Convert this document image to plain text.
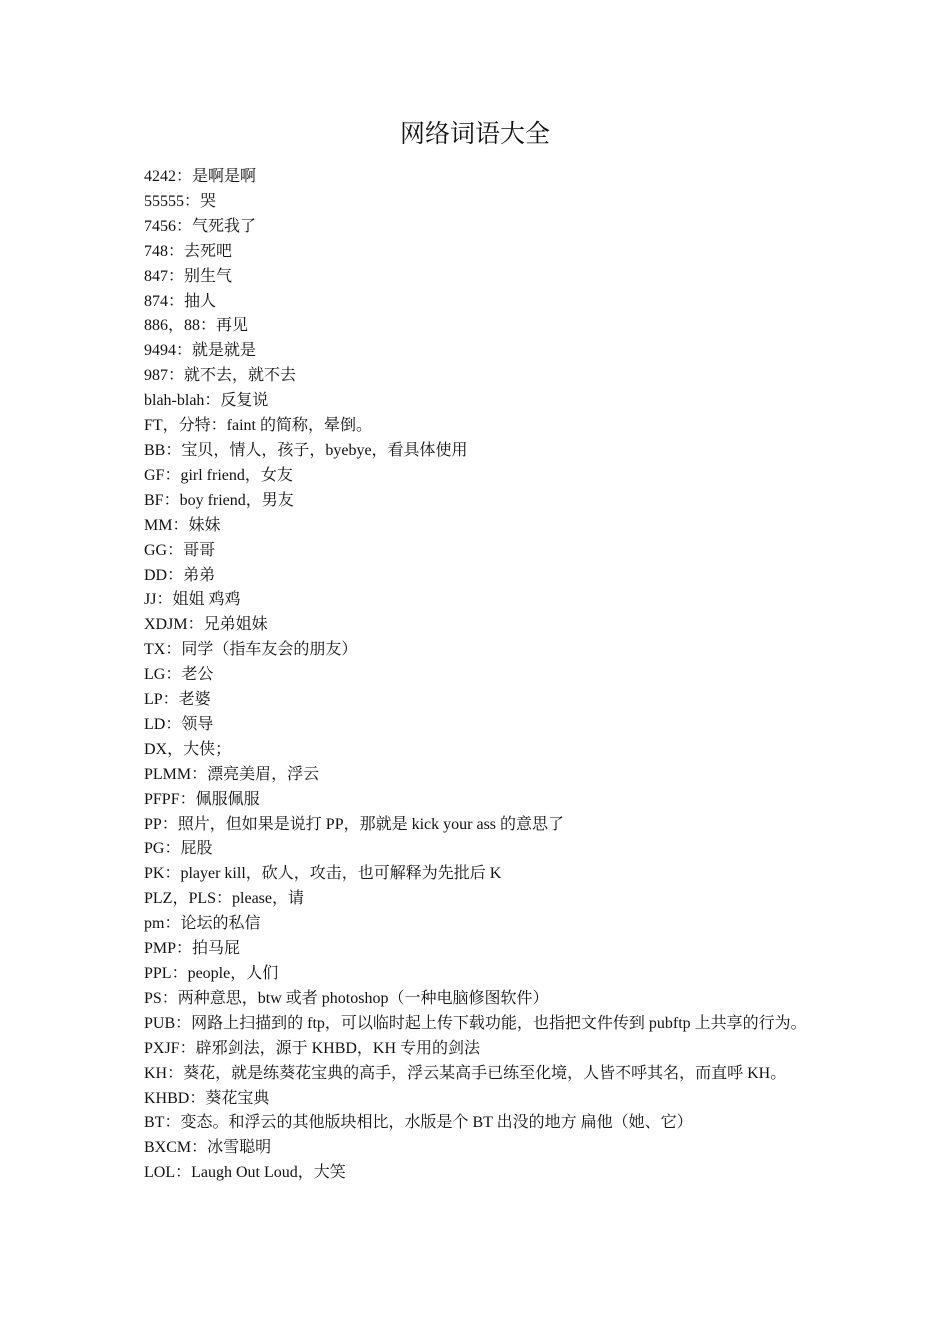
网络词语大全
4242：是啊是啊
55555：哭
7456：气死我了
748：去死吧
847：别生气
874：抽人
886，88：再见
9494：就是就是
987：就不去，就不去
blah-blah：反复说
FT，分特：faint 的简称，晕倒。
BB：宝贝，情人，孩子，byebye，看具体使用
GF：girl friend，女友
BF：boy friend，男友
MM：妹妹
GG：哥哥
DD：弟弟
JJ：姐姐 鸡鸡
XDJM：兄弟姐妹
TX：同学（指车友会的朋友）
LG：老公
LP：老婆
LD：领导
DX，大侠；
PLMM：漂亮美眉，浮云
PFPF：佩服佩服
PP：照片，但如果是说打 PP，那就是 kick your ass 的意思了
PG：屁股
PK：player kill，砍人，攻击，也可解释为先批后 K
PLZ，PLS：please，请
pm：论坛的私信
PMP：拍马屁
PPL：people，人们
PS：两种意思，btw 或者 photoshop（一种电脑修图软件）
PUB：网路上扫描到的 ftp，可以临时起上传下载功能，也指把文件传到 pubftp 上共享的行为。
PXJF：辟邪剑法，源于 KHBD，KH 专用的剑法
KH：葵花，就是练葵花宝典的高手，浮云某高手已练至化境，人皆不呼其名，而直呼 KH。
KHBD：葵花宝典
BT：变态。和浮云的其他版块相比，水版是个 BT 出没的地方 扁他（她、它）
BXCM：冰雪聪明
LOL：Laugh Out Loud，大笑
